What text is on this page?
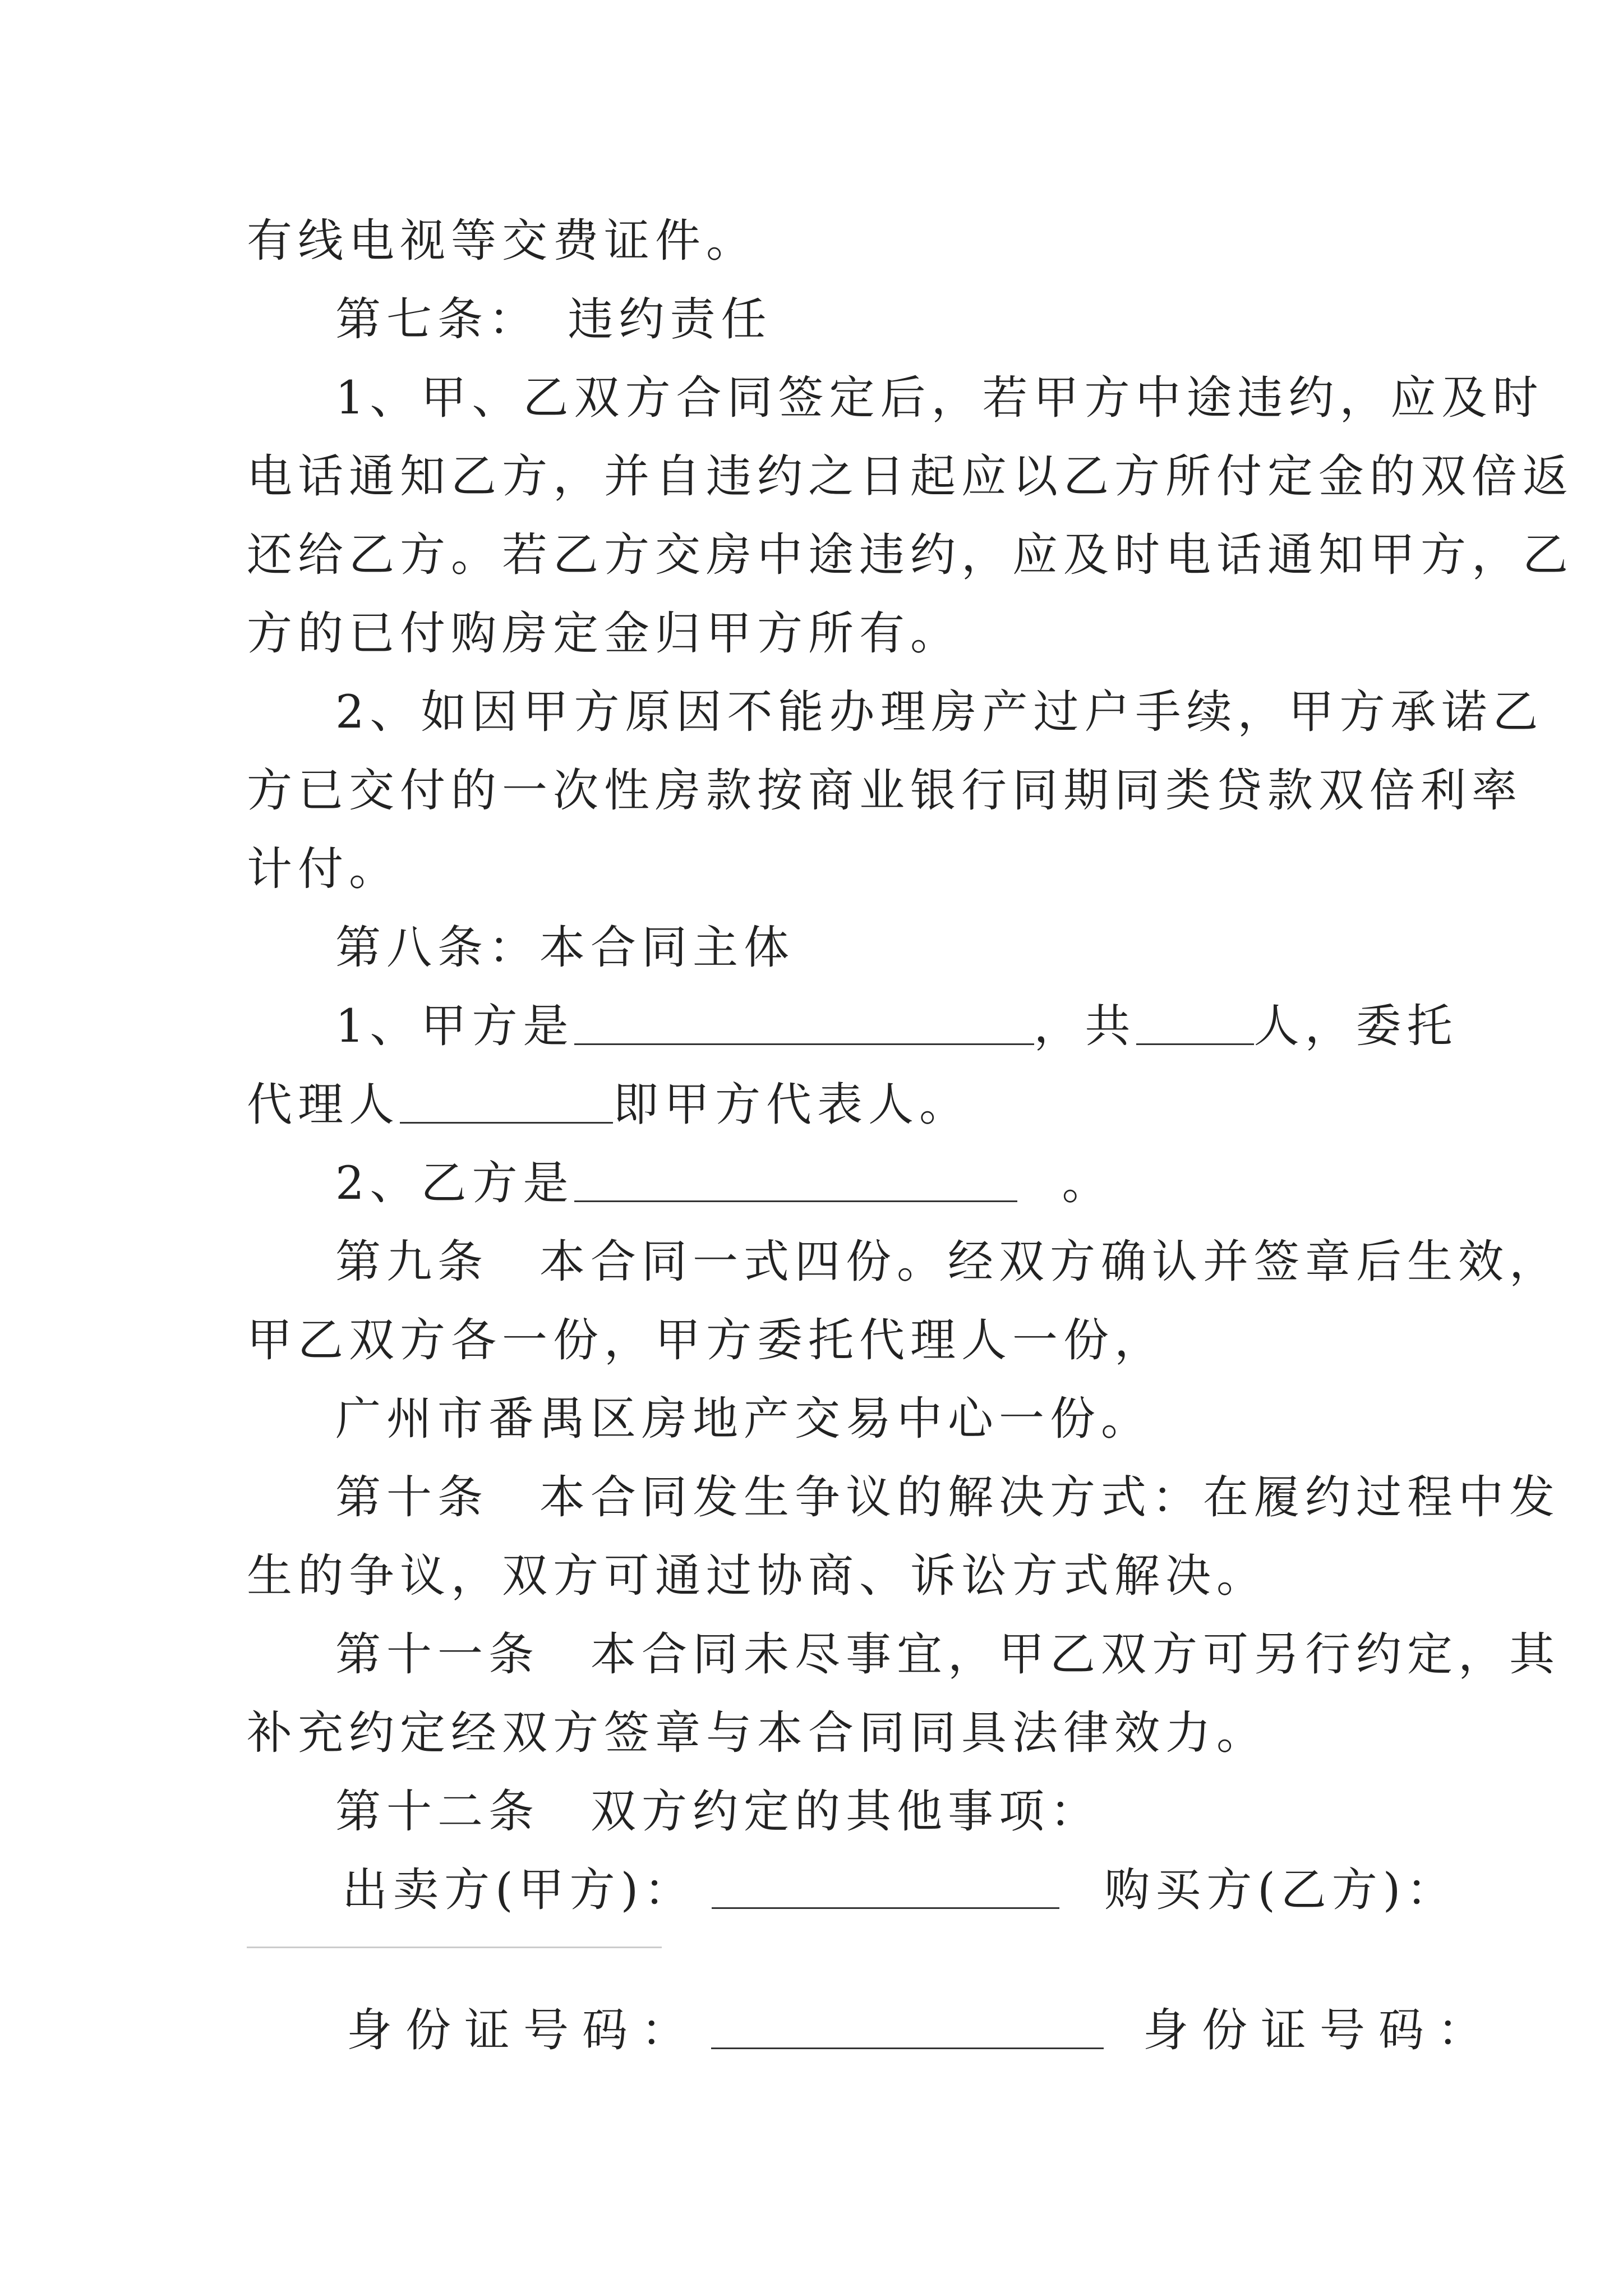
有线电视等交费证件。
第七条：　违约责任
1、甲、乙双方合同签定后，若甲方中途违约，应及时
电话通知乙方，并自违约之日起应以乙方所付定金的双倍返
还给乙方。若乙方交房中途违约，应及时电话通知甲方，乙
方的已付购房定金归甲方所有。
2、如因甲方原因不能办理房产过户手续，甲方承诺乙
方已交付的一次性房款按商业银行同期同类贷款双倍利率
计付。
第八条：本合同主体
1、甲方是	，共	人，委托
代理人	即甲方代表人。
2、乙方是	。
第九条　本合同一式四份。经双方确认并签章后生效，
甲乙双方各一份，甲方委托代理人一份，
广州市番禺区房地产交易中心一份。
第十条　本合同发生争议的解决方式：在履约过程中发
生的争议，双方可通过协商、诉讼方式解决。
第十一条　本合同未尽事宜，甲乙双方可另行约定，其
补充约定经双方签章与本合同同具法律效力。
第十二条　双方约定的其他事项：
出卖方(甲方)：	购买方(乙方)：
身份证号码：	身份证号码：
